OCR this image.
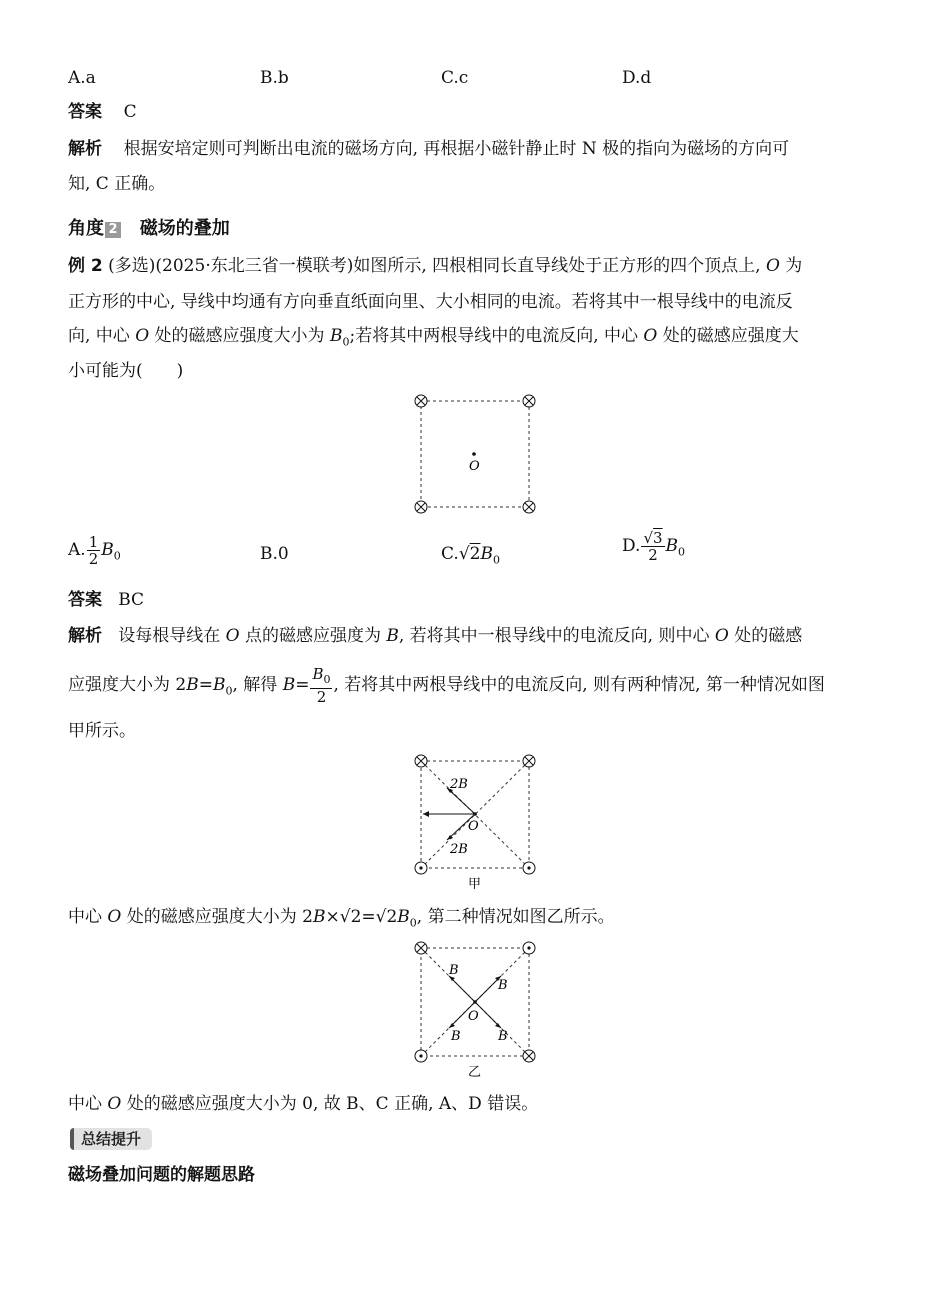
A.a	B.b	C.c	D.d
答案 C
解析 根据安培定则可判断出电流的磁场方向, 再根据小磁针静止时 N 极的指向为磁场的方向可
知, C 正确。
角度 2 磁场的叠加
例 2 (多选)(2025·东北三省一模联考)如图所示, 四根相同长直导线处于正方形的四个顶点上, O 为
正方形的中心, 导线中均通有方向垂直纸面向里、大小相同的电流。若将其中一根导线中的电流反
向, 中心 O 处的磁感应强度大小为 $B_0$;若将其中两根导线中的电流反向, 中心 O 处的磁感应强度大
小可能为(　　)
O
A. $\frac{1}{2} B_0$	B.0	$C.√2B_0$
D. $\frac{√3}{2} B_0$
答案 BC
解析 设每根导线在 O 点的磁感应强度为 B, 若将其中一根导线中的电流反向, 则中心 O 处的磁感
应强度大小为 $2B=B_0$, 解得 $B= \frac{B_0}{2}$ , 若将其中两根导线中的电流反向, 则有两种情况, 第一种情况如图
甲所示。
2B
2B
O
甲
中心 O 处的磁感应强度大小为 $2B\times√2=√2B_0$, 第二种情况如图乙所示。
B
B
B	B
O
乙
中心 O 处的磁感应强度大小为 0, 故 B、C 正确, A、D 错误。
总结提升
磁场叠加问题的解题思路
